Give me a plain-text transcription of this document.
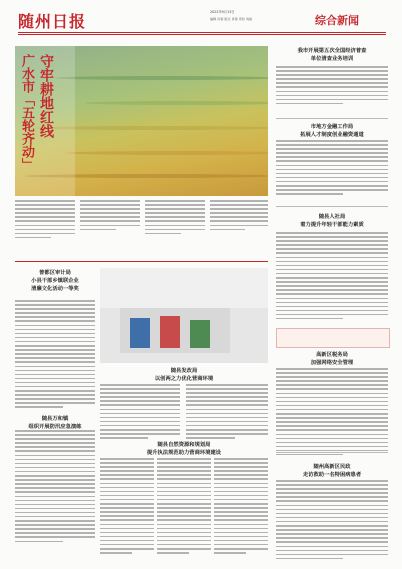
随州日报	2022年9月13日
编辑 肖蒋 版式 肖蒋 责校 刘丽	综合新闻
守牢耕地红线
广水市「五轮齐动」
我市开展第五次全国经济普查
单位清查业务培训
市地方金融工作局
拓展人才制度创业融资通道
随县人社局
着力提升年轻干部能力素质
曾都区审计局
小县干部乡镇联企业
清廉文化活动一等奖
随县发改局
以创两之力优化营商环境
随县万和镇
组织开展防汛应急演练
高新区税务局
加强网络安全管理
随县自然资源和规划局
提升执法规范助力营商环境建设
随州高新区民政
走访救助一名特困病患者
